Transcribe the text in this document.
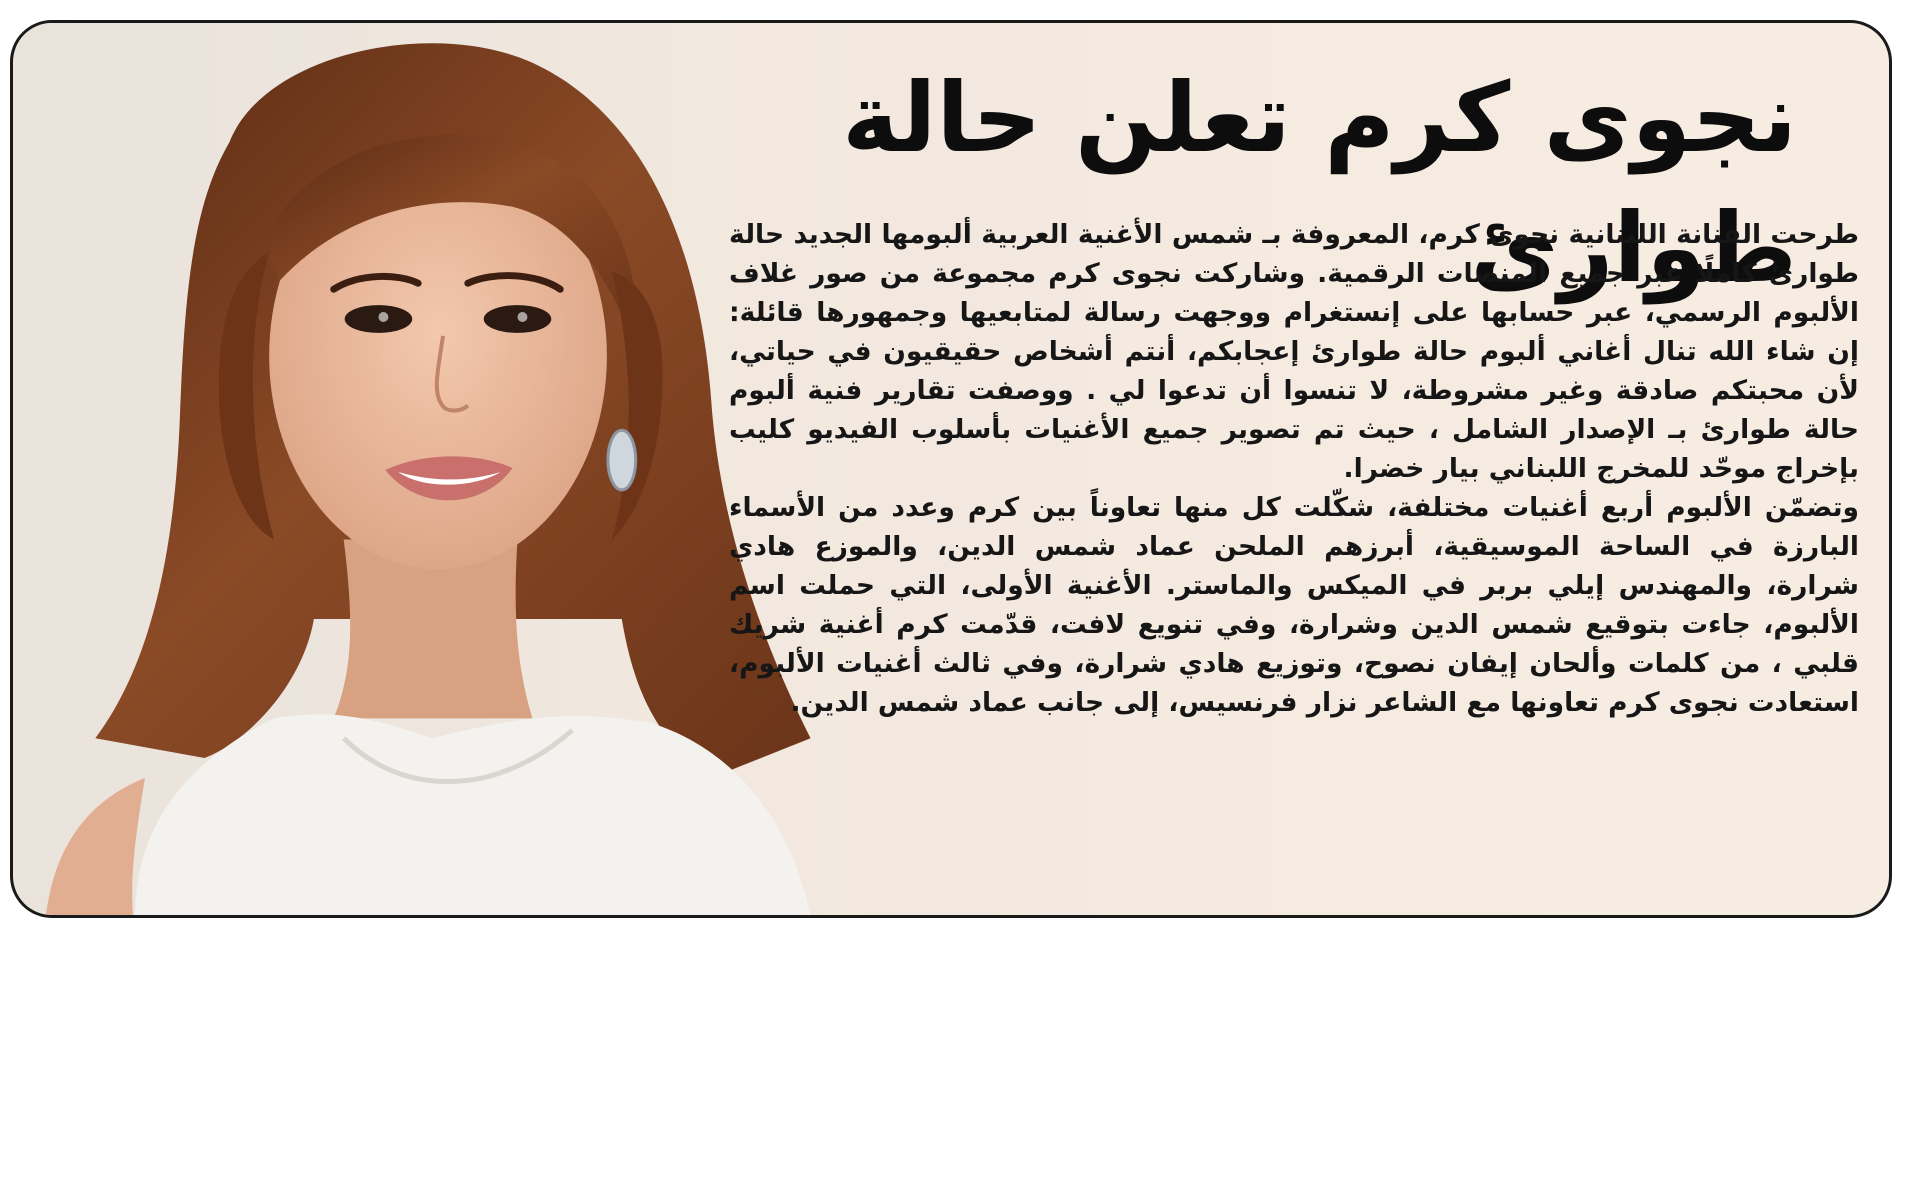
نجوى كرم تعلن حالة طوارئ

طرحت الفنانة اللبنانية نجوى كرم، المعروفة بـ شمس الأغنية العربية ألبومها الجديد حالة طوارئ كاملًا عبر جميع المنصات الرقمية. وشاركت نجوى كرم مجموعة من صور غلاف الألبوم الرسمي، عبر حسابها على إنستغرام ووجهت رسالة لمتابعيها وجمهورها قائلة: إن شاء الله تنال أغاني ألبوم حالة طوارئ إعجابكم، أنتم أشخاص حقيقيون في حياتي، لأن محبتكم صادقة وغير مشروطة، لا تنسوا أن تدعوا لي . ووصفت تقارير فنية ألبوم حالة طوارئ بـ الإصدار الشامل ، حيث تم تصوير جميع الأغنيات بأسلوب الفيديو كليب بإخراج موحّد للمخرج اللبناني بيار خضرا.

وتضمّن الألبوم أربع أغنيات مختلفة، شكّلت كل منها تعاوناً بين كرم وعدد من الأسماء البارزة في الساحة الموسيقية، أبرزهم الملحن عماد شمس الدين، والموزع هادي شرارة، والمهندس إيلي بربر في الميكس والماستر. الأغنية الأولى، التي حملت اسم الألبوم، جاءت بتوقيع شمس الدين وشرارة، وفي تنويع لافت، قدّمت كرم أغنية شريك قلبي ، من كلمات وألحان إيفان نصوح، وتوزيع هادي شرارة، وفي ثالث أغنيات الألبوم، استعادت نجوى كرم تعاونها مع الشاعر نزار فرنسيس، إلى جانب عماد شمس الدين.
